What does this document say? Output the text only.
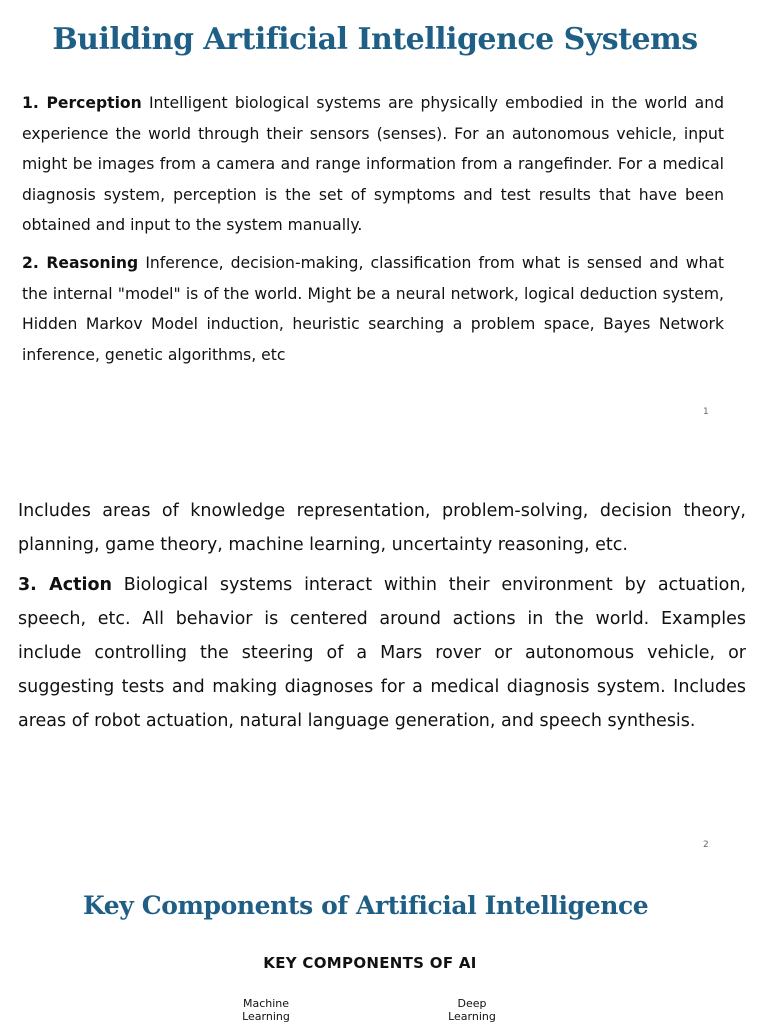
Building Artificial Intelligence Systems

1. Perception Intelligent biological systems are physically embodied in the world and experience the world through their sensors (senses). For an autonomous vehicle, input might be images from a camera and range information from a rangefinder. For a medical diagnosis system, perception is the set of symptoms and test results that have been obtained and input to the system manually.

2. Reasoning Inference, decision-making, classification from what is sensed and what the internal "model" is of the world. Might be a neural network, logical deduction system, Hidden Markov Model induction, heuristic searching a problem space, Bayes Network inference, genetic algorithms, etc

1

Includes areas of knowledge representation, problem-solving, decision theory, planning, game theory, machine learning, uncertainty reasoning, etc.

3. Action Biological systems interact within their environment by actuation, speech, etc. All behavior is centered around actions in the world. Examples include controlling the steering of a Mars rover or autonomous vehicle, or suggesting tests and making diagnoses for a medical diagnosis system. Includes areas of robot actuation, natural language generation, and speech synthesis.

2
Key Components of Artificial Intelligence
KEY COMPONENTS OF AI
Machine
Learning
Deep
Learning
